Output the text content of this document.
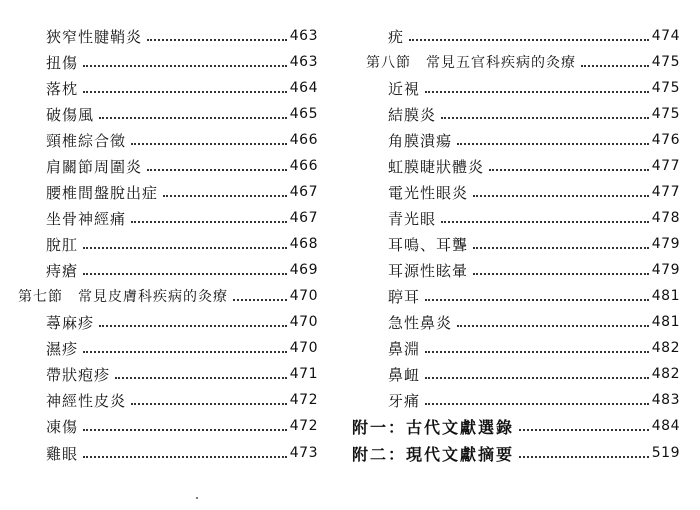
狹窄性腱鞘炎	463
扭傷	463
落枕	464
破傷風	465
頸椎綜合徵	466
肩關節周圍炎	466
腰椎間盤脫出症	467
坐骨神經痛	467
脫肛	468
痔瘡	469
第七節　常見皮膚科疾病的灸療	470
蕁麻疹	470
濕疹	470
帶狀疱疹	471
神經性皮炎	472
凍傷	472
雞眼	473
疣	474
第八節　常見五官科疾病的灸療	475
近視	475
結膜炎	475
角膜潰瘍	476
虹膜睫狀體炎	477
電光性眼炎	477
青光眼	478
耳鳴、耳聾	479
耳源性眩暈	479
聤耳	481
急性鼻炎	481
鼻淵	482
鼻衄	482
牙痛	483
附一：古代文獻選錄	484
附二：現代文獻摘要	519
